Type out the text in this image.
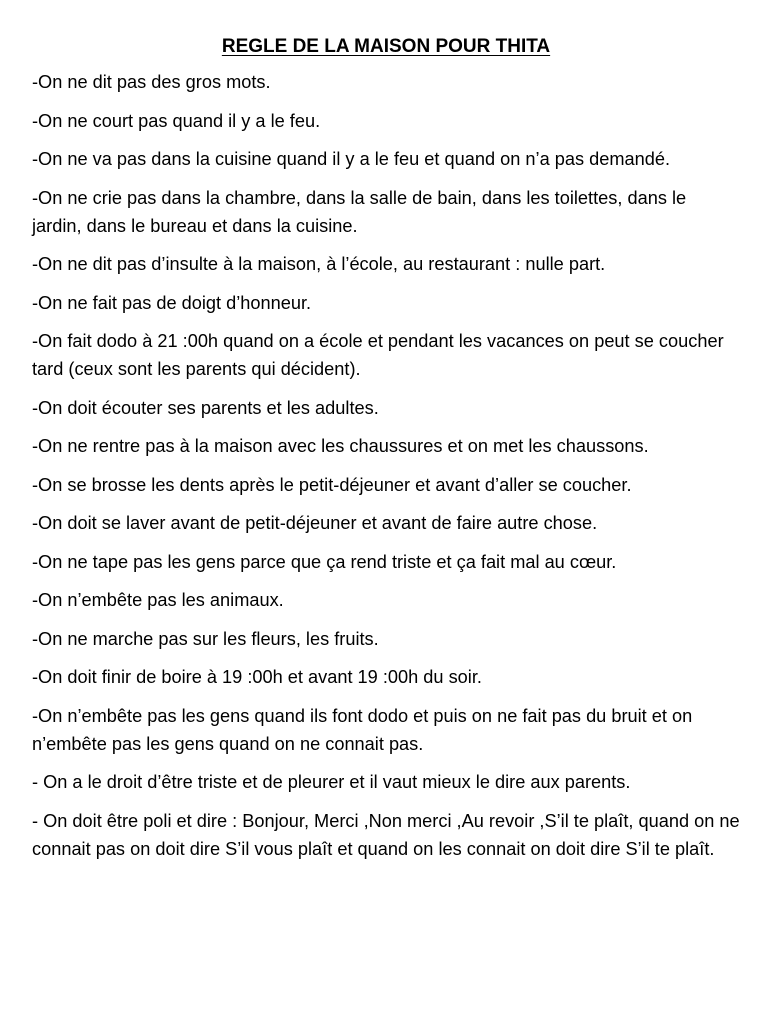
REGLE DE LA MAISON POUR THITA
-On ne dit pas des gros mots.
-On ne court pas quand il y a le feu.
-On ne va pas dans la cuisine quand il y a le feu et quand on n’a pas demandé.
-On ne crie pas dans la chambre, dans la salle de bain, dans les toilettes, dans le jardin, dans le bureau et dans la cuisine.
-On ne dit pas d’insulte à la maison, à l’école, au restaurant : nulle part.
-On ne fait pas de doigt d’honneur.
-On fait dodo à 21 :00h quand on a école et pendant les vacances on peut se coucher tard (ceux sont les parents qui décident).
-On doit écouter ses parents et les adultes.
-On ne rentre pas à la maison avec les chaussures et on met les chaussons.
-On se brosse les dents après le petit-déjeuner et avant d’aller se coucher.
-On doit se laver avant de petit-déjeuner et avant de faire autre chose.
-On ne tape pas les gens parce que ça rend triste et ça fait mal au cœur.
-On n’embête pas les animaux.
-On ne marche pas sur les fleurs, les fruits.
-On doit finir de boire à 19 :00h et avant 19 :00h du soir.
-On n’embête pas les gens quand ils font dodo et puis on ne fait pas du bruit et on n’embête pas les gens quand on ne connait pas.
- On a le droit d’être triste et de pleurer et il vaut mieux le dire aux parents.
- On doit être poli et dire : Bonjour, Merci ,Non merci ,Au revoir ,S’il te plaît, quand on ne connait pas on doit dire S’il vous plaît et quand on les connait on doit dire S’il te plaît.
